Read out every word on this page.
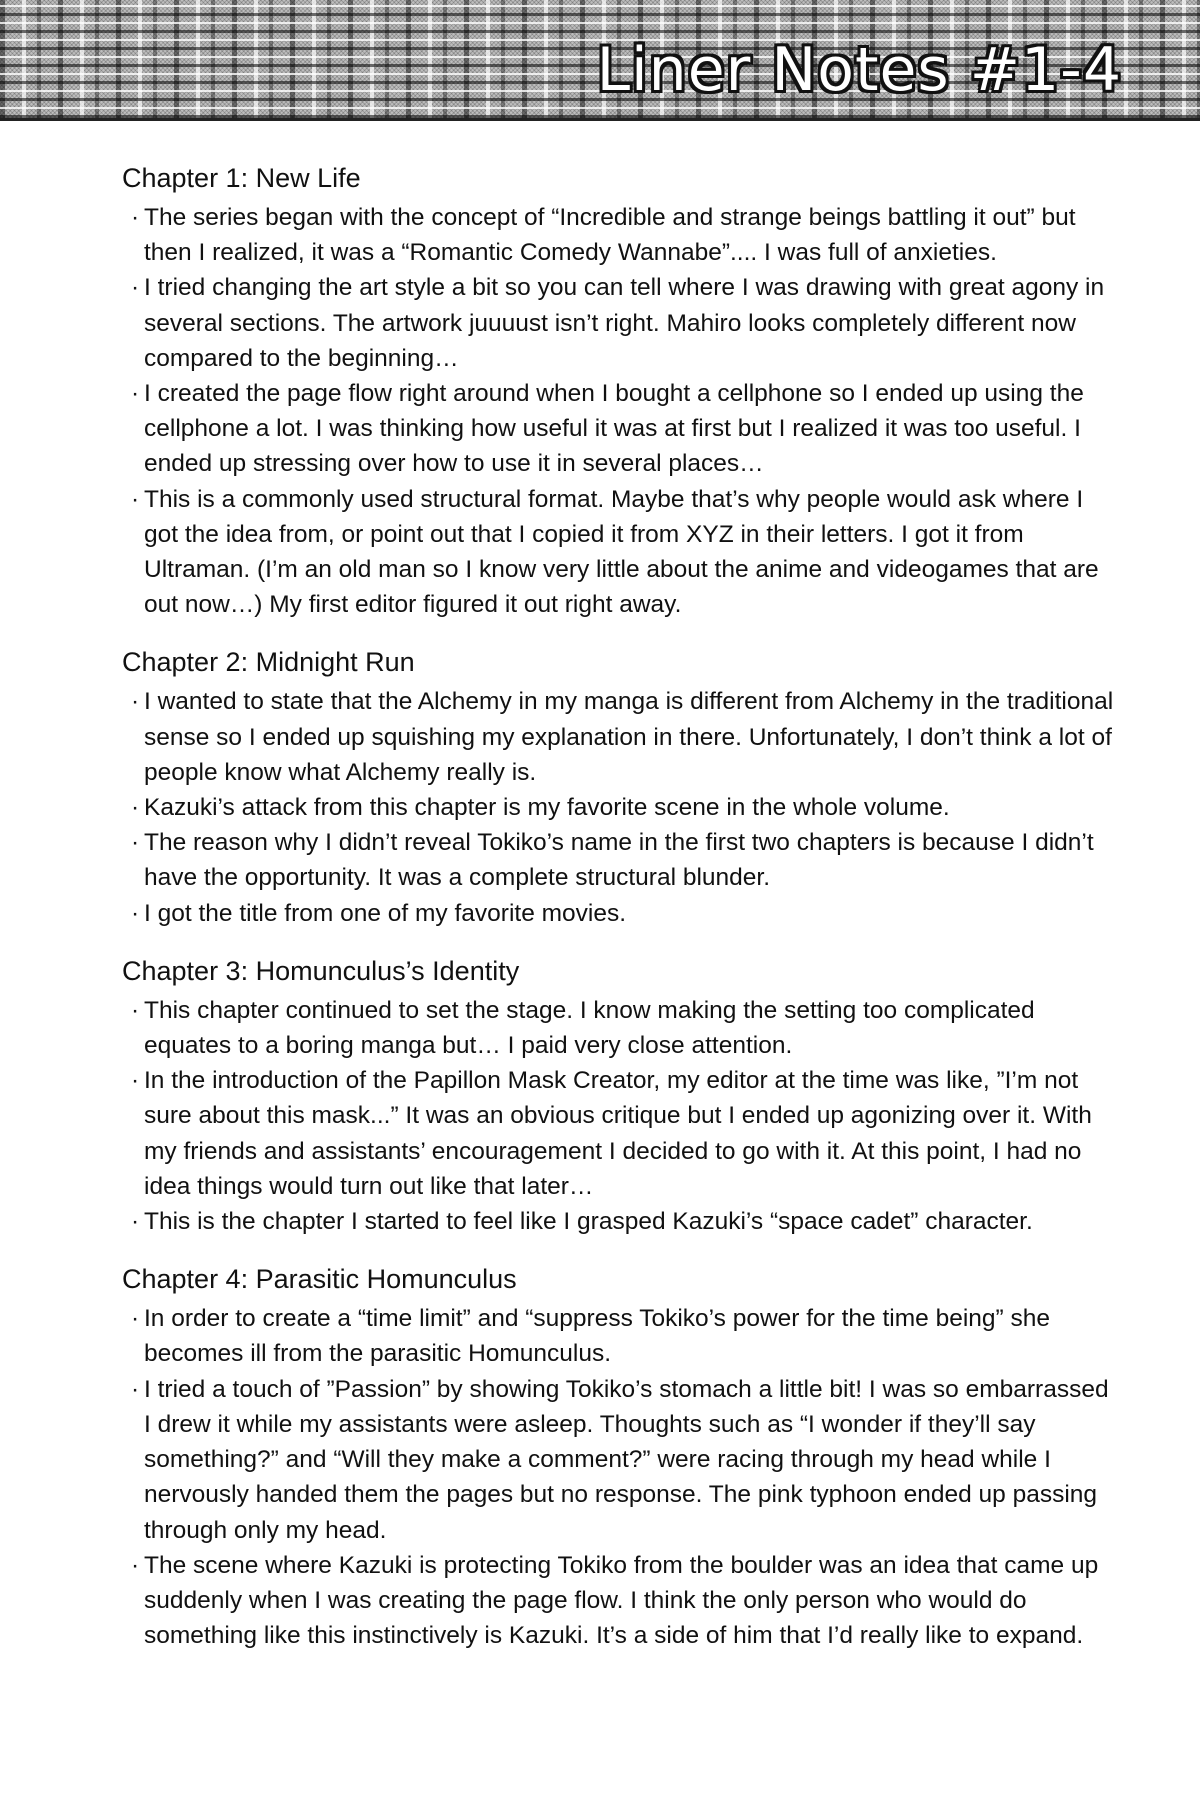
Liner Notes #1-4
Chapter 1: New Life
· The series began with the concept of “Incredible and strange beings battling it out” but then I realized, it was a “Romantic Comedy Wannabe”.... I was full of anxieties.
· I tried changing the art style a bit so you can tell where I was drawing with great agony in several sections. The artwork juuuust isn’t right. Mahiro looks completely different now compared to the beginning…
· I created the page flow right around when I bought a cellphone so I ended up using the cellphone a lot. I was thinking how useful it was at first but I realized it was too useful. I ended up stressing over how to use it in several places…
· This is a commonly used structural format. Maybe that’s why people would ask where I got the idea from, or point out that I copied it from XYZ in their letters. I got it from Ultraman. (I’m an old man so I know very little about the anime and videogames that are out now…) My first editor figured it out right away.
Chapter 2: Midnight Run
· I wanted to state that the Alchemy in my manga is different from Alchemy in the traditional sense so I ended up squishing my explanation in there. Unfortunately, I don’t think a lot of people know what Alchemy really is.
· Kazuki’s attack from this chapter is my favorite scene in the whole volume.
· The reason why I didn’t reveal Tokiko’s name in the first two chapters is because I didn’t have the opportunity. It was a complete structural blunder.
· I got the title from one of my favorite movies.
Chapter 3: Homunculus’s Identity
· This chapter continued to set the stage. I know making the setting too complicated equates to a boring manga but… I paid very close attention.
· In the introduction of the Papillon Mask Creator, my editor at the time was like, ”I’m not sure about this mask...” It was an obvious critique but I ended up agonizing over it. With my friends and assistants’ encouragement I decided to go with it. At this point, I had no idea things would turn out like that later…
· This is the chapter I started to feel like I grasped Kazuki’s “space cadet” character.
Chapter 4: Parasitic Homunculus
· In order to create a “time limit” and “suppress Tokiko’s power for the time being” she becomes ill from the parasitic Homunculus.
· I tried a touch of ”Passion” by showing Tokiko’s stomach a little bit! I was so embarrassed I drew it while my assistants were asleep. Thoughts such as “I wonder if they’ll say something?” and “Will they make a comment?” were racing through my head while I nervously handed them the pages but no response. The pink typhoon ended up passing through only my head.
· The scene where Kazuki is protecting Tokiko from the boulder was an idea that came up suddenly when I was creating the page flow. I think the only person who would do something like this instinctively is Kazuki. It’s a side of him that I’d really like to expand.
